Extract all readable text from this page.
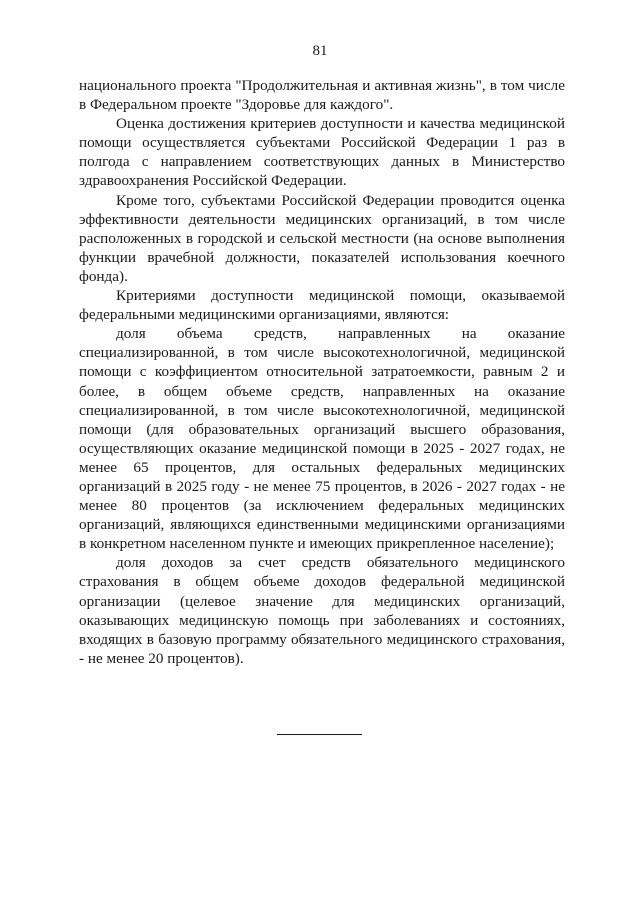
81

национального проекта "Продолжительная и активная жизнь", в том числе в Федеральном проекте "Здоровье для каждого".

Оценка достижения критериев доступности и качества медицинской помощи осуществляется субъектами Российской Федерации 1 раз в полгода с направлением соответствующих данных в Министерство здравоохранения Российской Федерации.

Кроме того, субъектами Российской Федерации проводится оценка эффективности деятельности медицинских организаций, в том числе расположенных в городской и сельской местности (на основе выполнения функции врачебной должности, показателей использования коечного фонда).

Критериями доступности медицинской помощи, оказываемой федеральными медицинскими организациями, являются:

доля объема средств, направленных на оказание специализированной, в том числе высокотехнологичной, медицинской помощи с коэффициентом относительной затратоемкости, равным 2 и более, в общем объеме средств, направленных на оказание специализированной, в том числе высокотехнологичной, медицинской помощи (для образовательных организаций высшего образования, осуществляющих оказание медицинской помощи в 2025 - 2027 годах, не менее 65 процентов, для остальных федеральных медицинских организаций в 2025 году - не менее 75 процентов, в 2026 - 2027 годах - не менее 80 процентов (за исключением федеральных медицинских организаций, являющихся единственными медицинскими организациями в конкретном населенном пункте и имеющих прикрепленное население);

доля доходов за счет средств обязательного медицинского страхования в общем объеме доходов федеральной медицинской организации (целевое значение для медицинских организаций, оказывающих медицинскую помощь при заболеваниях и состояниях, входящих в базовую программу обязательного медицинского страхования, - не менее 20 процентов).
